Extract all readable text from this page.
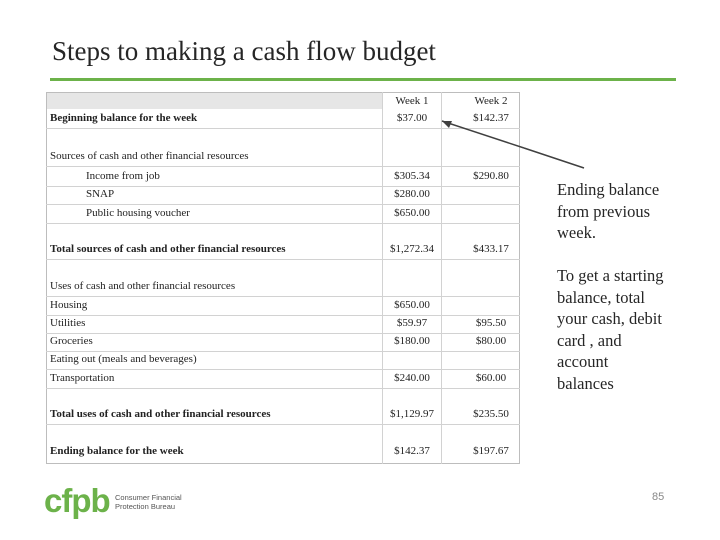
Steps to making a cash flow budget
Week 1	Week 2
Beginning balance for the week	$37.00	$142.37
Sources of cash and other financial resources
Income from job	$305.34	$290.80
SNAP	$280.00
Public housing voucher	$650.00
Total sources of cash and other financial resources	$1,272.34	$433.17
Uses of cash and other financial resources
Housing	$650.00
Utilities	$59.97	$95.50
Groceries	$180.00	$80.00
Eating out (meals and beverages)
Transportation	$240.00	$60.00
Total uses of cash and other financial resources	$1,129.97	$235.50
Ending balance for the week	$142.37	$197.67
Ending balance
from previous
week.
To get a starting
balance, total
your cash, debit
card , and
account
balances
cfpb Consumer Financial
Protection Bureau
85
